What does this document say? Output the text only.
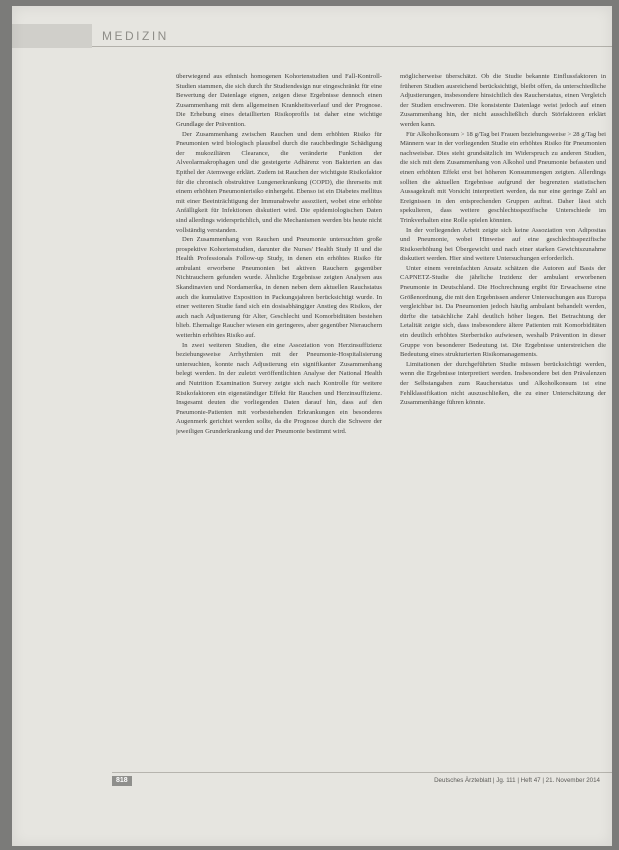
MEDIZIN

überwiegend aus ethnisch homogenen Kohortenstudien und Fall-Kontroll-Studien stammen, die sich durch ihr Studiendesign nur eingeschränkt für eine Bewertung der Datenlage eignen, zeigen diese Ergebnisse dennoch einen Zusammenhang mit dem allgemeinen Krankheitsverlauf und der Prognose. Die Erhebung eines detaillierten Risikoprofils ist daher eine wichtige Grundlage der Prävention.

Der Zusammenhang zwischen Rauchen und dem erhöhten Risiko für Pneumonien wird biologisch plausibel durch die rauchbedingte Schädigung der mukoziliären Clearance, die veränderte Funktion der Alveolarmakrophagen und die gesteigerte Adhärenz von Bakterien an das Epithel der Atemwege erklärt. Zudem ist Rauchen der wichtigste Risikofaktor für die chronisch obstruktive Lungenerkrankung (COPD), die ihrerseits mit einem erhöhten Pneumonierisiko einhergeht. Ebenso ist ein Diabetes mellitus mit einer Beeinträchtigung der Immunabwehr assoziiert, wobei eine erhöhte Anfälligkeit für Infektionen diskutiert wird. Die epidemiologischen Daten sind allerdings widersprüchlich, und die Mechanismen werden bis heute nicht vollständig verstanden.

Den Zusammenhang von Rauchen und Pneumonie untersuchten große prospektive Kohortenstudien, darunter die Nurses' Health Study II und die Health Professionals Follow-up Study, in denen ein erhöhtes Risiko für ambulant erworbene Pneumonien bei aktiven Rauchern gegenüber Nichtrauchern gefunden wurde. Ähnliche Ergebnisse zeigten Analysen aus Skandinavien und Nordamerika, in denen neben dem aktuellen Rauchstatus auch die kumulative Exposition in Packungsjahren berücksichtigt wurde. In einer weiteren Studie fand sich ein dosisabhängiger Anstieg des Risikos, der auch nach Adjustierung für Alter, Geschlecht und Komorbiditäten bestehen blieb. Ehemalige Raucher wiesen ein geringeres, aber gegenüber Nierauchern weiterhin erhöhtes Risiko auf.

In zwei weiteren Studien, die eine Assoziation von Herzinsuffizienz beziehungsweise Arrhythmien mit der Pneumonie-Hospitalisierung untersuchten, konnte nach Adjustierung ein signifikanter Zusammenhang belegt werden. In der zuletzt veröffentlichten Analyse der National Health and Nutrition Examination Survey zeigte sich nach Kontrolle für weitere Risikofaktoren ein eigenständiger Effekt für Rauchen und Herzinsuffizienz. Insgesamt deuten die vorliegenden Daten darauf hin, dass auf den Pneumonie-Patienten mit vorbestehenden Erkrankungen ein besonderes Augenmerk gerichtet werden sollte, da die Prognose durch die Schwere der jeweiligen Grunderkrankung und der Pneumonie bestimmt wird.

möglicherweise überschätzt. Ob die Studie bekannte Einflussfaktoren in früheren Studien ausreichend berücksichtigt, bleibt offen, da unterschiedliche Adjustierungen, insbesondere hinsichtlich des Raucherstatus, einen Vergleich der Studien erschweren. Die konsistente Datenlage weist jedoch auf einen Zusammenhang hin, der nicht ausschließlich durch Störfaktoren erklärt werden kann.

Für Alkoholkonsum > 18 g/Tag bei Frauen beziehungsweise > 28 g/Tag bei Männern war in der vorliegenden Studie ein erhöhtes Risiko für Pneumonien nachweisbar. Dies steht grundsätzlich im Widerspruch zu anderen Studien, die sich mit dem Zusammenhang von Alkohol und Pneumonie befassten und einen erhöhten Effekt erst bei höheren Konsummengen zeigten. Allerdings sollten die aktuellen Ergebnisse aufgrund der begrenzten statistischen Aussagekraft mit Vorsicht interpretiert werden, da nur eine geringe Zahl an Ereignissen in den entsprechenden Gruppen auftrat. Daher lässt sich spekulieren, dass weitere geschlechtsspezifische Unterschiede im Trinkverhalten eine Rolle spielen könnten.

In der vorliegenden Arbeit zeigte sich keine Assoziation von Adipositas und Pneumonie, wobei Hinweise auf eine geschlechtsspezifische Risikoerhöhung bei Übergewicht und nach einer starken Gewichtszunahme diskutiert werden. Hier sind weitere Untersuchungen erforderlich.

Unter einem vereinfachten Ansatz schätzen die Autoren auf Basis der CAPNETZ-Studie die jährliche Inzidenz der ambulant erworbenen Pneumonie in Deutschland. Die Hochrechnung ergibt für Erwachsene eine Größenordnung, die mit den Ergebnissen anderer Untersuchungen aus Europa vergleichbar ist. Da Pneumonien jedoch häufig ambulant behandelt werden, dürfte die tatsächliche Zahl deutlich höher liegen. Bei Betrachtung der Letalität zeigte sich, dass insbesondere ältere Patienten mit Komorbiditäten ein deutlich erhöhtes Sterberisiko aufwiesen, weshalb Prävention in dieser Gruppe von besonderer Bedeutung ist. Die Ergebnisse unterstreichen die Bedeutung eines strukturierten Risikomanagements.

Limitationen der durchgeführten Studie müssen berücksichtigt werden, wenn die Ergebnisse interpretiert werden. Insbesondere bei den Prävalenzen der Selbstangaben zum Raucherstatus und Alkoholkonsum ist eine Fehlklassifikation nicht auszuschließen, die zu einer Unterschätzung der Zusammenhänge führen könnte.

818	Deutsches Ärzteblatt | Jg. 111 | Heft 47 | 21. November 2014
